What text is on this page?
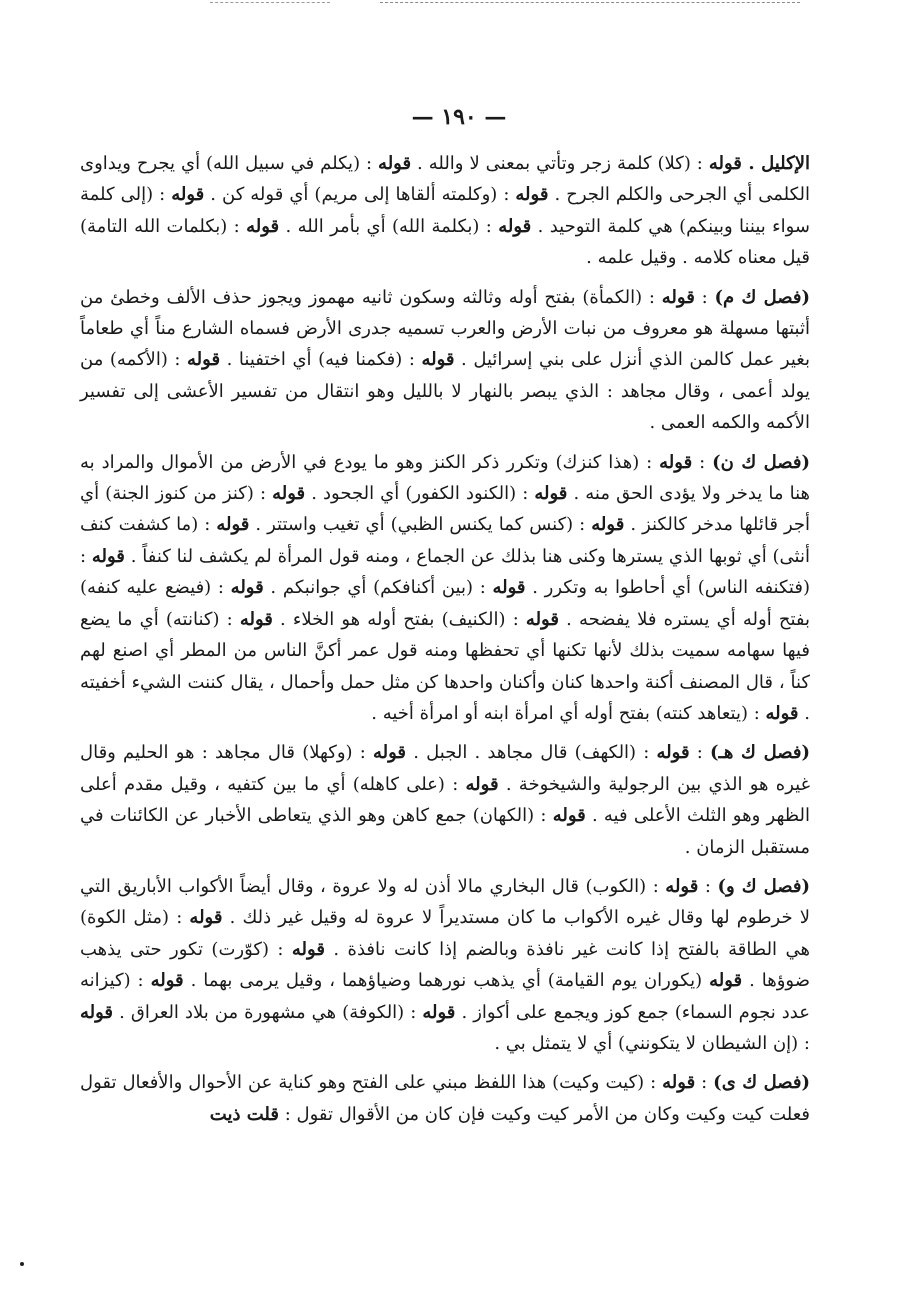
— ١٩٠ —

الإكليل . قوله : (كلا) كلمة زجر وتأتي بمعنى لا والله . قوله : (يكلم في سبيل الله) أي يجرح ويداوى الكلمى أي الجرحى والكلم الجرح . قوله : (وكلمته ألقاها إلى مريم) أي قوله كن . قوله : (إلى كلمة سواء بيننا وبينكم) هي كلمة التوحيد . قوله : (بكلمة الله) أي بأمر الله . قوله : (بكلمات الله التامة) قيل معناه كلامه . وقيل علمه .

(فصل ك م) : قوله : (الكمأة) بفتح أوله وثالثه وسكون ثانيه مهموز ويجوز حذف الألف وخطئ من أثبتها مسهلة هو معروف من نبات الأرض والعرب تسميه جدرى الأرض فسماه الشارع مناً أي طعاماً بغير عمل كالمن الذي أنزل على بني إسرائيل . قوله : (فكمنا فيه) أي اختفينا . قوله : (الأكمه) من يولد أعمى ، وقال مجاهد : الذي يبصر بالنهار لا بالليل وهو انتقال من تفسير الأعشى إلى تفسير الأكمه والكمه العمى .

(فصل ك ن) : قوله : (هذا كنزك) وتكرر ذكر الكنز وهو ما يودع في الأرض من الأموال والمراد به هنا ما يدخر ولا يؤدى الحق منه . قوله : (الكنود الكفور) أي الجحود . قوله : (كنز من كنوز الجنة) أي أجر قائلها مدخر كالكنز . قوله : (كنس كما يكنس الظبي) أي تغيب واستتر . قوله : (ما كشفت كنف أنثى) أي ثوبها الذي يسترها وكنى هنا بذلك عن الجماع ، ومنه قول المرأة لم يكشف لنا كنفاً . قوله : (فتكنفه الناس) أي أحاطوا به وتكرر . قوله : (بين أكنافكم) أي جوانبكم . قوله : (فيضع عليه كنفه) بفتح أوله أي يستره فلا يفضحه . قوله : (الكنيف) بفتح أوله هو الخلاء . قوله : (كنانته) أي ما يضع فيها سهامه سميت بذلك لأنها تكنها أي تحفظها ومنه قول عمر أكنَّ الناس من المطر أي اصنع لهم كناً ، قال المصنف أكنة واحدها كنان وأكنان واحدها كن مثل حمل وأحمال ، يقال كننت الشيء أخفيته . قوله : (يتعاهد كنته) بفتح أوله أي امرأة ابنه أو امرأة أخيه .

(فصل ك هـ) : قوله : (الكهف) قال مجاهد . الجبل . قوله : (وكهلا) قال مجاهد : هو الحليم وقال غيره هو الذي بين الرجولية والشيخوخة . قوله : (على كاهله) أي ما بين كتفيه ، وقيل مقدم أعلى الظهر وهو الثلث الأعلى فيه . قوله : (الكهان) جمع كاهن وهو الذي يتعاطى الأخبار عن الكائنات في مستقبل الزمان .

(فصل ك و) : قوله : (الكوب) قال البخاري مالا أذن له ولا عروة ، وقال أيضاً الأكواب الأباريق التي لا خرطوم لها وقال غيره الأكواب ما كان مستديراً لا عروة له وقيل غير ذلك . قوله : (مثل الكوة) هي الطاقة بالفتح إذا كانت غير نافذة وبالضم إذا كانت نافذة . قوله : (كوّرت) تكور حتى يذهب ضوؤها . قوله (يكوران يوم القيامة) أي يذهب نورهما وضياؤهما ، وقيل يرمى بهما . قوله : (كيزانه عدد نجوم السماء) جمع كوز ويجمع على أكواز . قوله : (الكوفة) هي مشهورة من بلاد العراق . قوله : (إن الشيطان لا يتكونني) أي لا يتمثل بي .

(فصل ك ى) : قوله : (كيت وكيت) هذا اللفظ مبني على الفتح وهو كناية عن الأحوال والأفعال تقول فعلت كيت وكيت وكان من الأمر كيت وكيت فإن كان من الأقوال تقول : قلت ذيت
